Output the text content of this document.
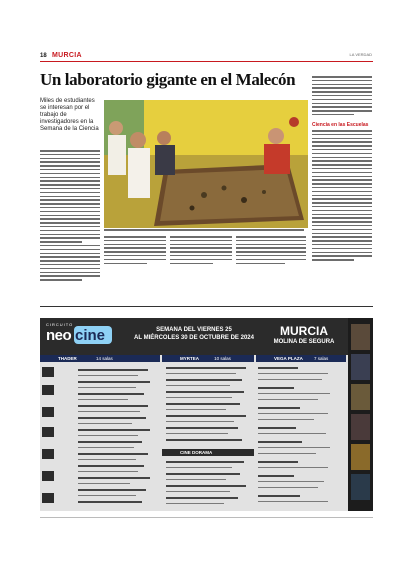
18 MURCIA	LA VERDAD
Un laboratorio gigante en el Malecón
Miles de estudiantes se interesan por el trabajo de investigadores en la Semana de la Ciencia
Ciencia en las Escuelas
CIRCUITO
neo cine	SEMANA DEL VIERNES 25
AL MIÉRCOLES 30 DE OCTUBRE DE 2024	MURCIA
MOLINA DE SEGURA
THADER	14 salas	MYRTEA	10 salas
CINE DORAMA
VEGA PLAZA	7 salas
